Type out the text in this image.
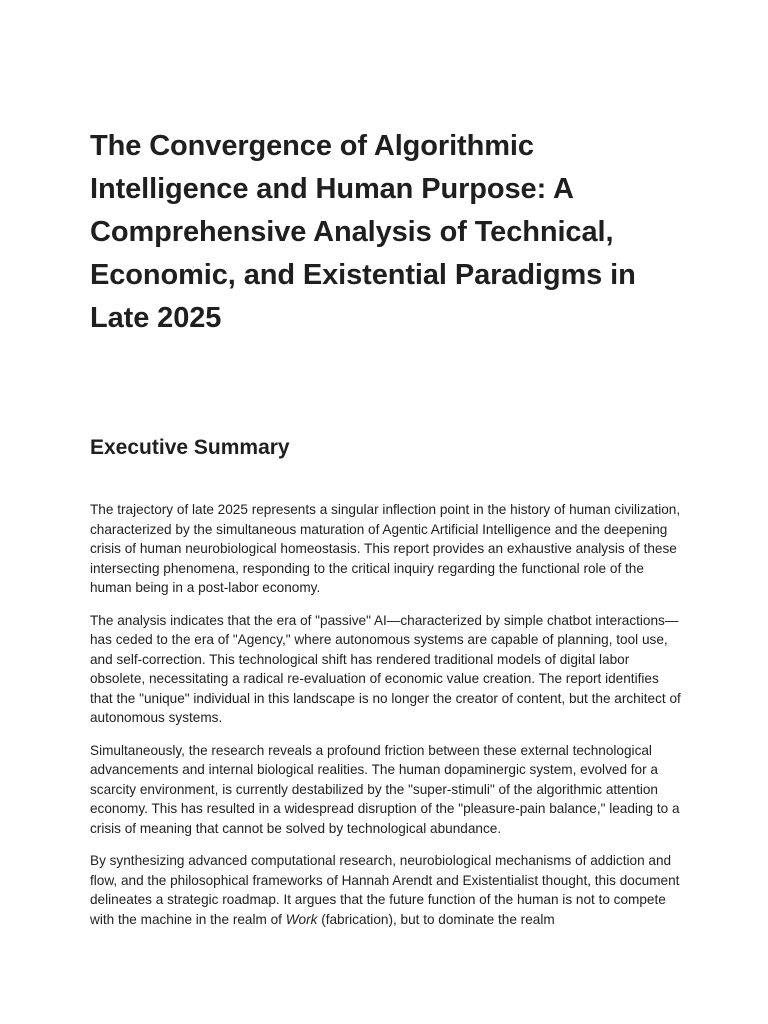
The Convergence of Algorithmic Intelligence and Human Purpose: A Comprehensive Analysis of Technical, Economic, and Existential Paradigms in Late 2025
Executive Summary

The trajectory of late 2025 represents a singular inflection point in the history of human civilization, characterized by the simultaneous maturation of Agentic Artificial Intelligence and the deepening crisis of human neurobiological homeostasis. This report provides an exhaustive analysis of these intersecting phenomena, responding to the critical inquiry regarding the functional role of the human being in a post-labor economy.

The analysis indicates that the era of "passive" AI—characterized by simple chatbot interactions—has ceded to the era of "Agency," where autonomous systems are capable of planning, tool use, and self-correction. This technological shift has rendered traditional models of digital labor obsolete, necessitating a radical re-evaluation of economic value creation. The report identifies that the "unique" individual in this landscape is no longer the creator of content, but the architect of autonomous systems.

Simultaneously, the research reveals a profound friction between these external technological advancements and internal biological realities. The human dopaminergic system, evolved for a scarcity environment, is currently destabilized by the "super-stimuli" of the algorithmic attention economy. This has resulted in a widespread disruption of the "pleasure-pain balance," leading to a crisis of meaning that cannot be solved by technological abundance.

By synthesizing advanced computational research, neurobiological mechanisms of addiction and flow, and the philosophical frameworks of Hannah Arendt and Existentialist thought, this document delineates a strategic roadmap. It argues that the future function of the human is not to compete with the machine in the realm of Work (fabrication), but to dominate the realm
